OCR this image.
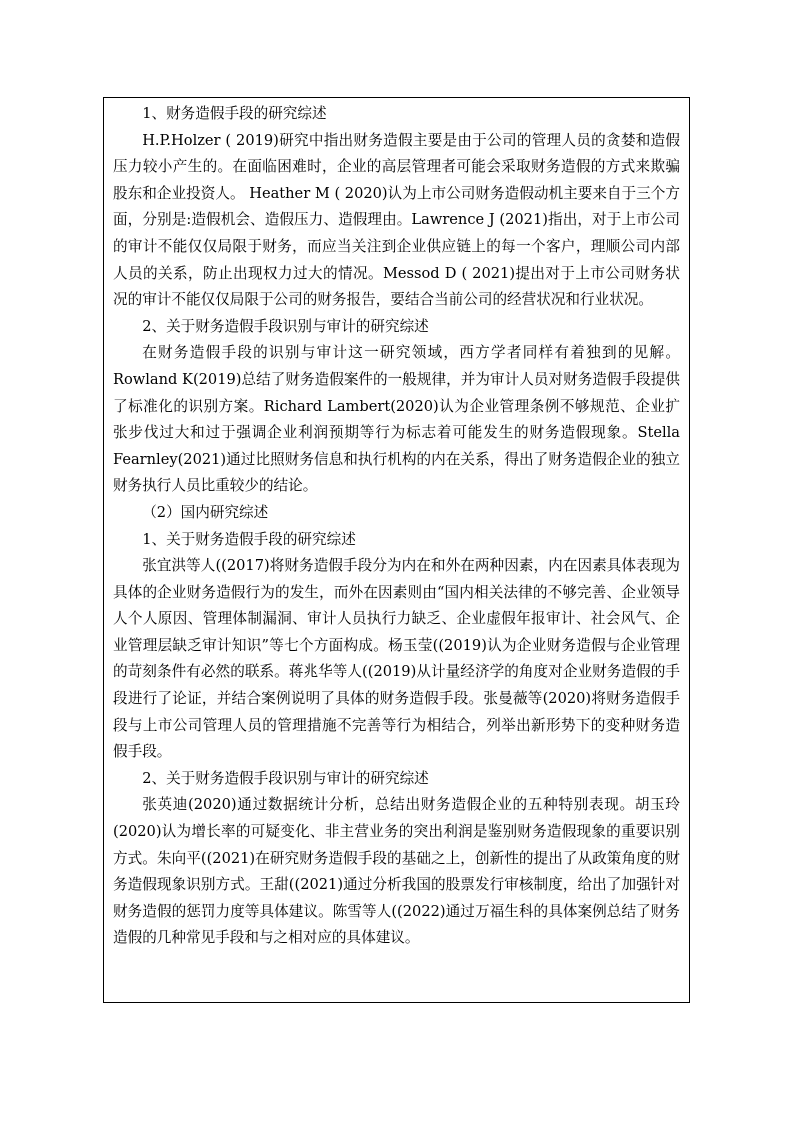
1、财务造假手段的研究综述

H.P.Holzer ( 2019)研究中指出财务造假主要是由于公司的管理人员的贪婪和造假压力较小产生的。在面临困难时，企业的高层管理者可能会采取财务造假的方式来欺骗股东和企业投资人。 Heather M ( 2020)认为上市公司财务造假动机主要来自于三个方面，分别是:造假机会、造假压力、造假理由。Lawrence J (2021)指出，对于上市公司的审计不能仅仅局限于财务，而应当关注到企业供应链上的每一个客户，理顺公司内部人员的关系，防止出现权力过大的情况。Messod D ( 2021)提出对于上市公司财务状况的审计不能仅仅局限于公司的财务报告，要结合当前公司的经营状况和行业状况。

2、关于财务造假手段识别与审计的研究综述

在财务造假手段的识别与审计这一研究领域，西方学者同样有着独到的见解。Rowland K(2019)总结了财务造假案件的一般规律，并为审计人员对财务造假手段提供了标准化的识别方案。Richard Lambert(2020)认为企业管理条例不够规范、企业扩张步伐过大和过于强调企业利润预期等行为标志着可能发生的财务造假现象。Stella Fearnley(2021)通过比照财务信息和执行机构的内在关系，得出了财务造假企业的独立财务执行人员比重较少的结论。

（2）国内研究综述

1、关于财务造假手段的研究综述

张宜洪等人((2017)将财务造假手段分为内在和外在两种因素，内在因素具体表现为具体的企业财务造假行为的发生，而外在因素则由“国内相关法律的不够完善、企业领导人个人原因、管理体制漏洞、审计人员执行力缺乏、企业虚假年报审计、社会风气、企业管理层缺乏审计知识”等七个方面构成。杨玉莹((2019)认为企业财务造假与企业管理的苛刻条件有必然的联系。蒋兆华等人((2019)从计量经济学的角度对企业财务造假的手段进行了论证，并结合案例说明了具体的财务造假手段。张曼薇等(2020)将财务造假手段与上市公司管理人员的管理措施不完善等行为相结合，列举出新形势下的变种财务造假手段。

2、关于财务造假手段识别与审计的研究综述

张英迪(2020)通过数据统计分析，总结出财务造假企业的五种特别表现。胡玉玲(2020)认为增长率的可疑变化、非主营业务的突出利润是鉴别财务造假现象的重要识别方式。朱向平((2021)在研究财务造假手段的基础之上，创新性的提出了从政策角度的财务造假现象识别方式。王甜((2021)通过分析我国的股票发行审核制度，给出了加强针对财务造假的惩罚力度等具体建议。陈雪等人((2022)通过万福生科的具体案例总结了财务造假的几种常见手段和与之相对应的具体建议。
